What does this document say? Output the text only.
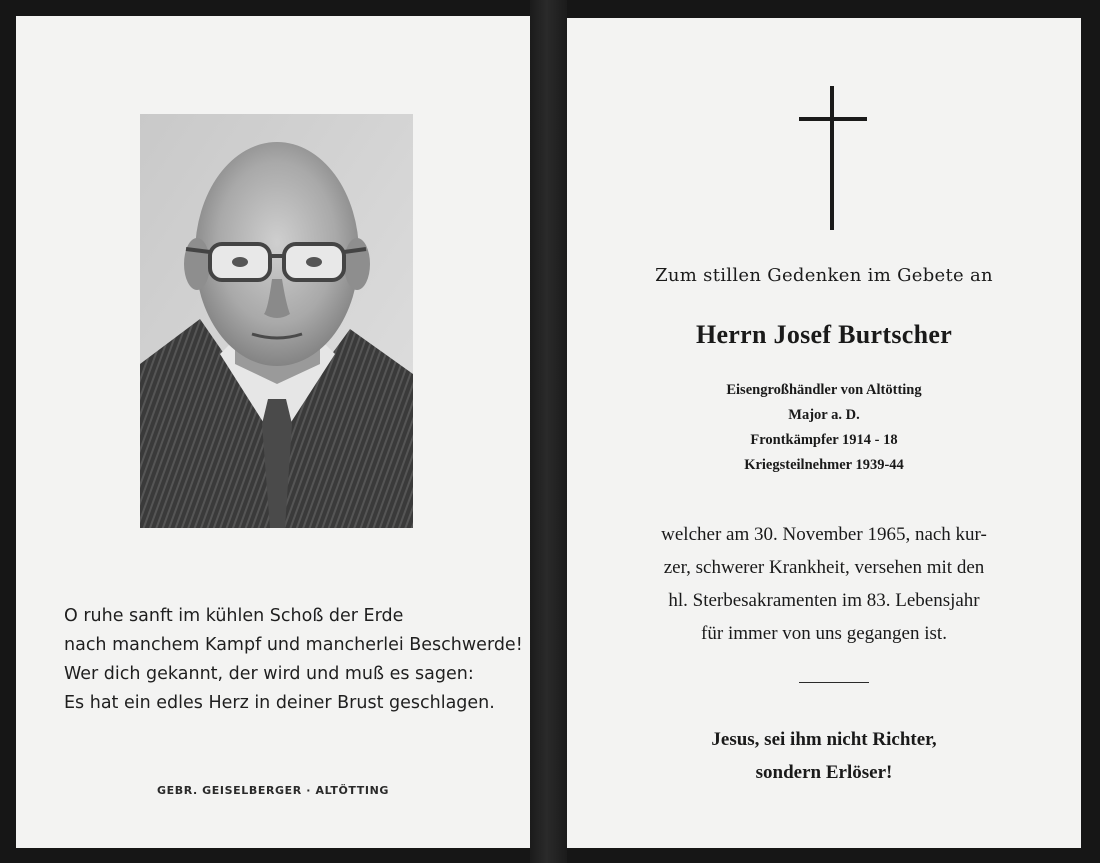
O ruhe sanft im kühlen Schoß der Erde
nach manchem Kampf und mancherlei Beschwerde!
Wer dich gekannt, der wird und muß es sagen:
Es hat ein edles Herz in deiner Brust geschlagen.
GEBR. GEISELBERGER · ALTÖTTING
Zum stillen Gedenken im Gebete an
Herrn Josef Burtscher
Eisengroßhändler von Altötting
Major a. D.
Frontkämpfer 1914 - 18
Kriegsteilnehmer 1939-44
welcher am 30. November 1965, nach kur-
zer, schwerer Krankheit, versehen mit den
hl. Sterbesakramenten im 83. Lebensjahr
für immer von uns gegangen ist.
Jesus, sei ihm nicht Richter,
sondern Erlöser!
